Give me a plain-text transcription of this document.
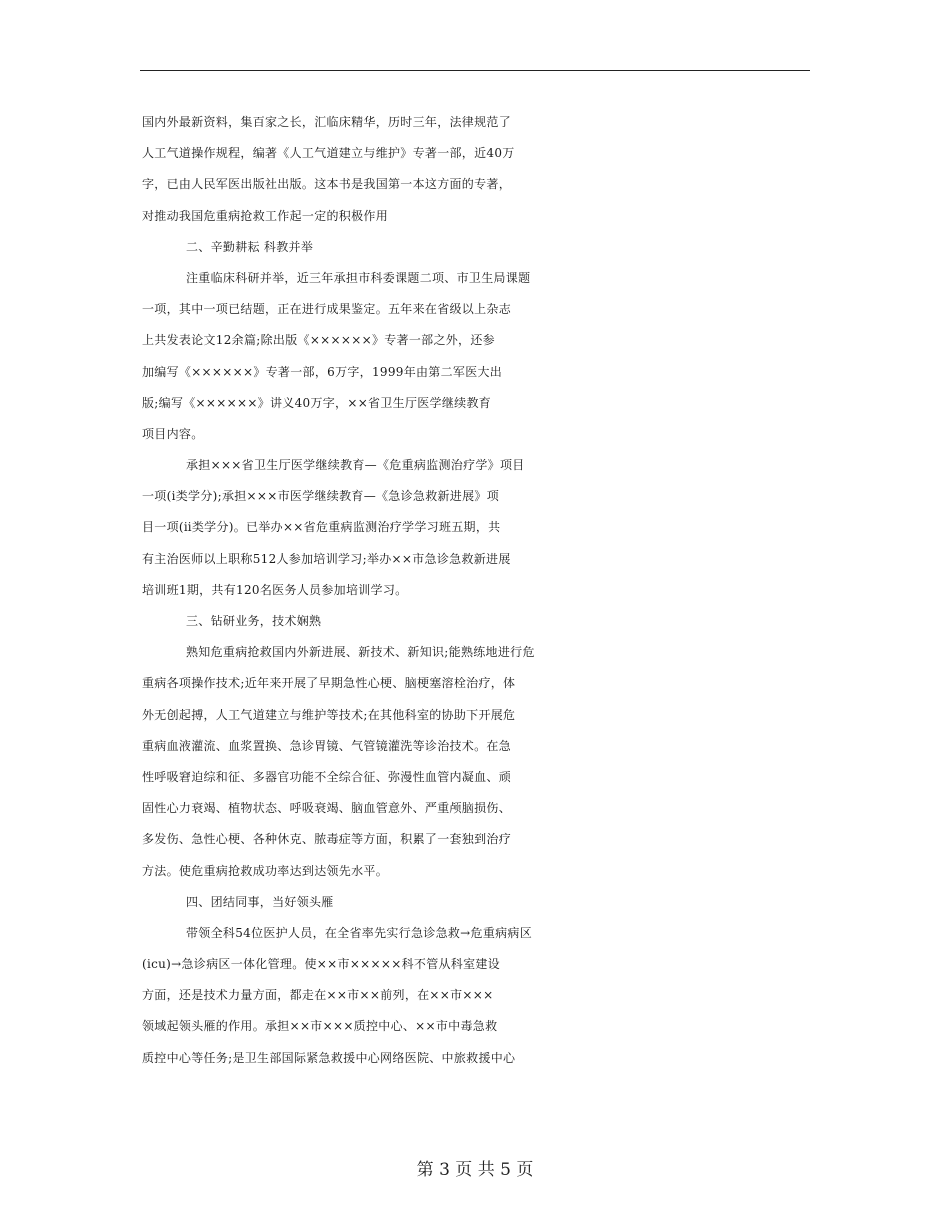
国内外最新资料，集百家之长，汇临床精华，历时三年，法律规范了
人工气道操作规程，编著《人工气道建立与维护》专著一部，近40万
字，已由人民军医出版社出版。这本书是我国第一本这方面的专著，
对推动我国危重病抢救工作起一定的积极作用
二、辛勤耕耘 科教并举
注重临床科研并举，近三年承担市科委课题二项、市卫生局课题
一项，其中一项已结题，正在进行成果鉴定。五年来在省级以上杂志
上共发表论文12余篇;除出版《××××××》专著一部之外，还参
加编写《××××××》专著一部，6万字，1999年由第二军医大出
版;编写《××××××》讲义40万字，××省卫生厅医学继续教育
项目内容。
承担×××省卫生厅医学继续教育—《危重病监测治疗学》项目
一项(ⅰ类学分);承担×××市医学继续教育—《急诊急救新进展》项
目一项(ⅱ类学分)。已举办××省危重病监测治疗学学习班五期，共
有主治医师以上职称512人参加培训学习;举办××市急诊急救新进展
培训班1期，共有120名医务人员参加培训学习。
三、钻研业务，技术娴熟
熟知危重病抢救国内外新进展、新技术、新知识;能熟练地进行危
重病各项操作技术;近年来开展了早期急性心梗、脑梗塞溶栓治疗，体
外无创起搏，人工气道建立与维护等技术;在其他科室的协助下开展危
重病血液灌流、血浆置换、急诊胃镜、气管镜灌洗等诊治技术。在急
性呼吸窘迫综和征、多器官功能不全综合征、弥漫性血管内凝血、顽
固性心力衰竭、植物状态、呼吸衰竭、脑血管意外、严重颅脑损伤、
多发伤、急性心梗、各种休克、脓毒症等方面，积累了一套独到治疗
方法。使危重病抢救成功率达到达领先水平。
四、团结同事，当好领头雁
带领全科54位医护人员，在全省率先实行急诊急救→危重病病区
(icu)→急诊病区一体化管理。使××市×××××科不管从科室建设
方面，还是技术力量方面，都走在××市××前列，在××市×××
领域起领头雁的作用。承担××市×××质控中心、××市中毒急救
质控中心等任务;是卫生部国际紧急救援中心网络医院、中旅救援中心
第 3 页 共 5 页
